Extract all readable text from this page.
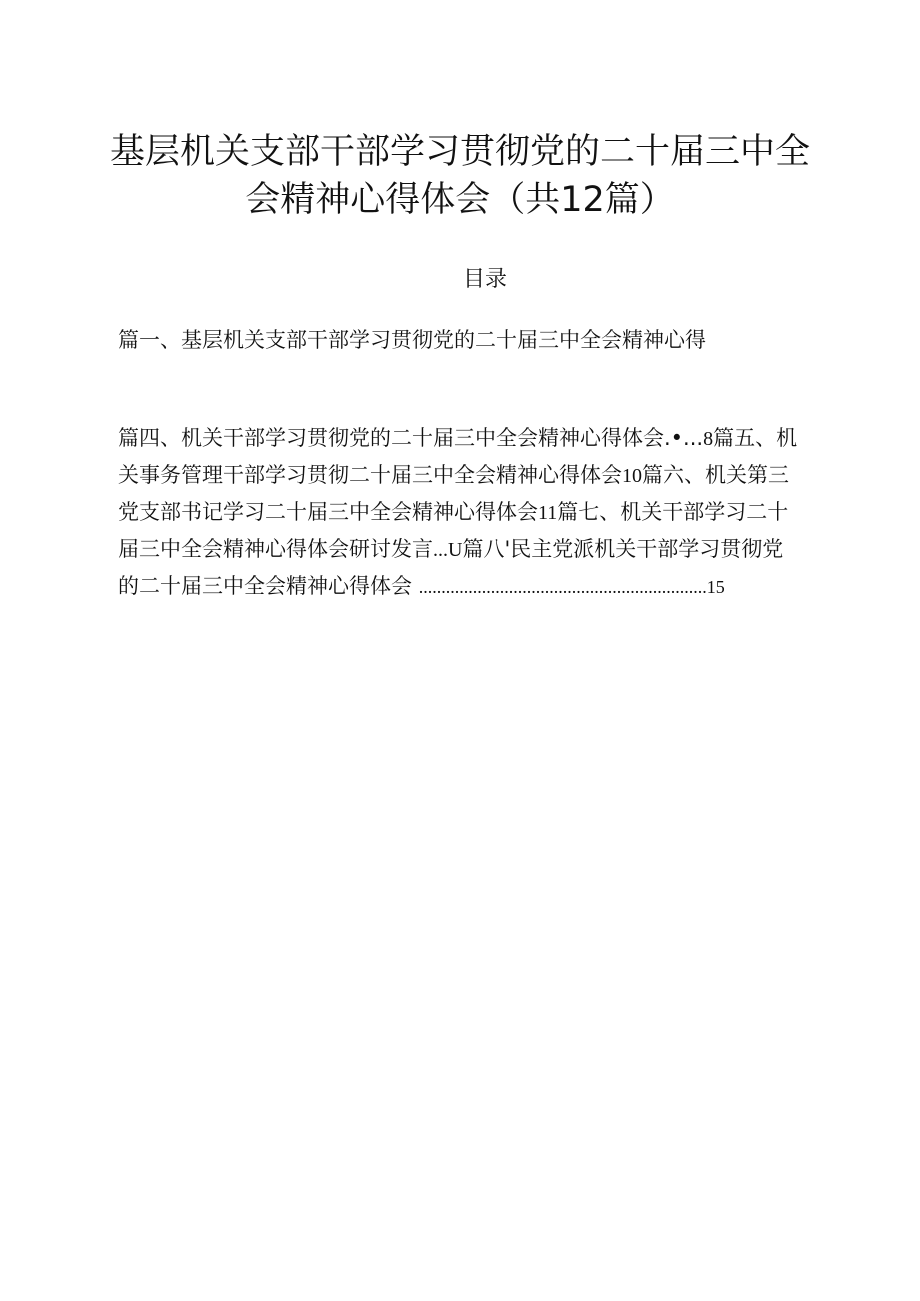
基层机关支部干部学习贯彻党的二十届三中全
会精神心得体会（共12篇）
目录
篇一、基层机关支部干部学习贯彻党的二十届三中全会精神心得
篇四、机关干部学习贯彻党的二十届三中全会精神心得体会.•...8篇五、机
关事务管理干部学习贯彻二十届三中全会精神心得体会10篇六、机关第三
党支部书记学习二十届三中全会精神心得体会11篇七、机关干部学习二十
届三中全会精神心得体会研讨发言...U篇八'民主党派机关干部学习贯彻党
的二十届三中全会精神心得体会 ................................................................15
